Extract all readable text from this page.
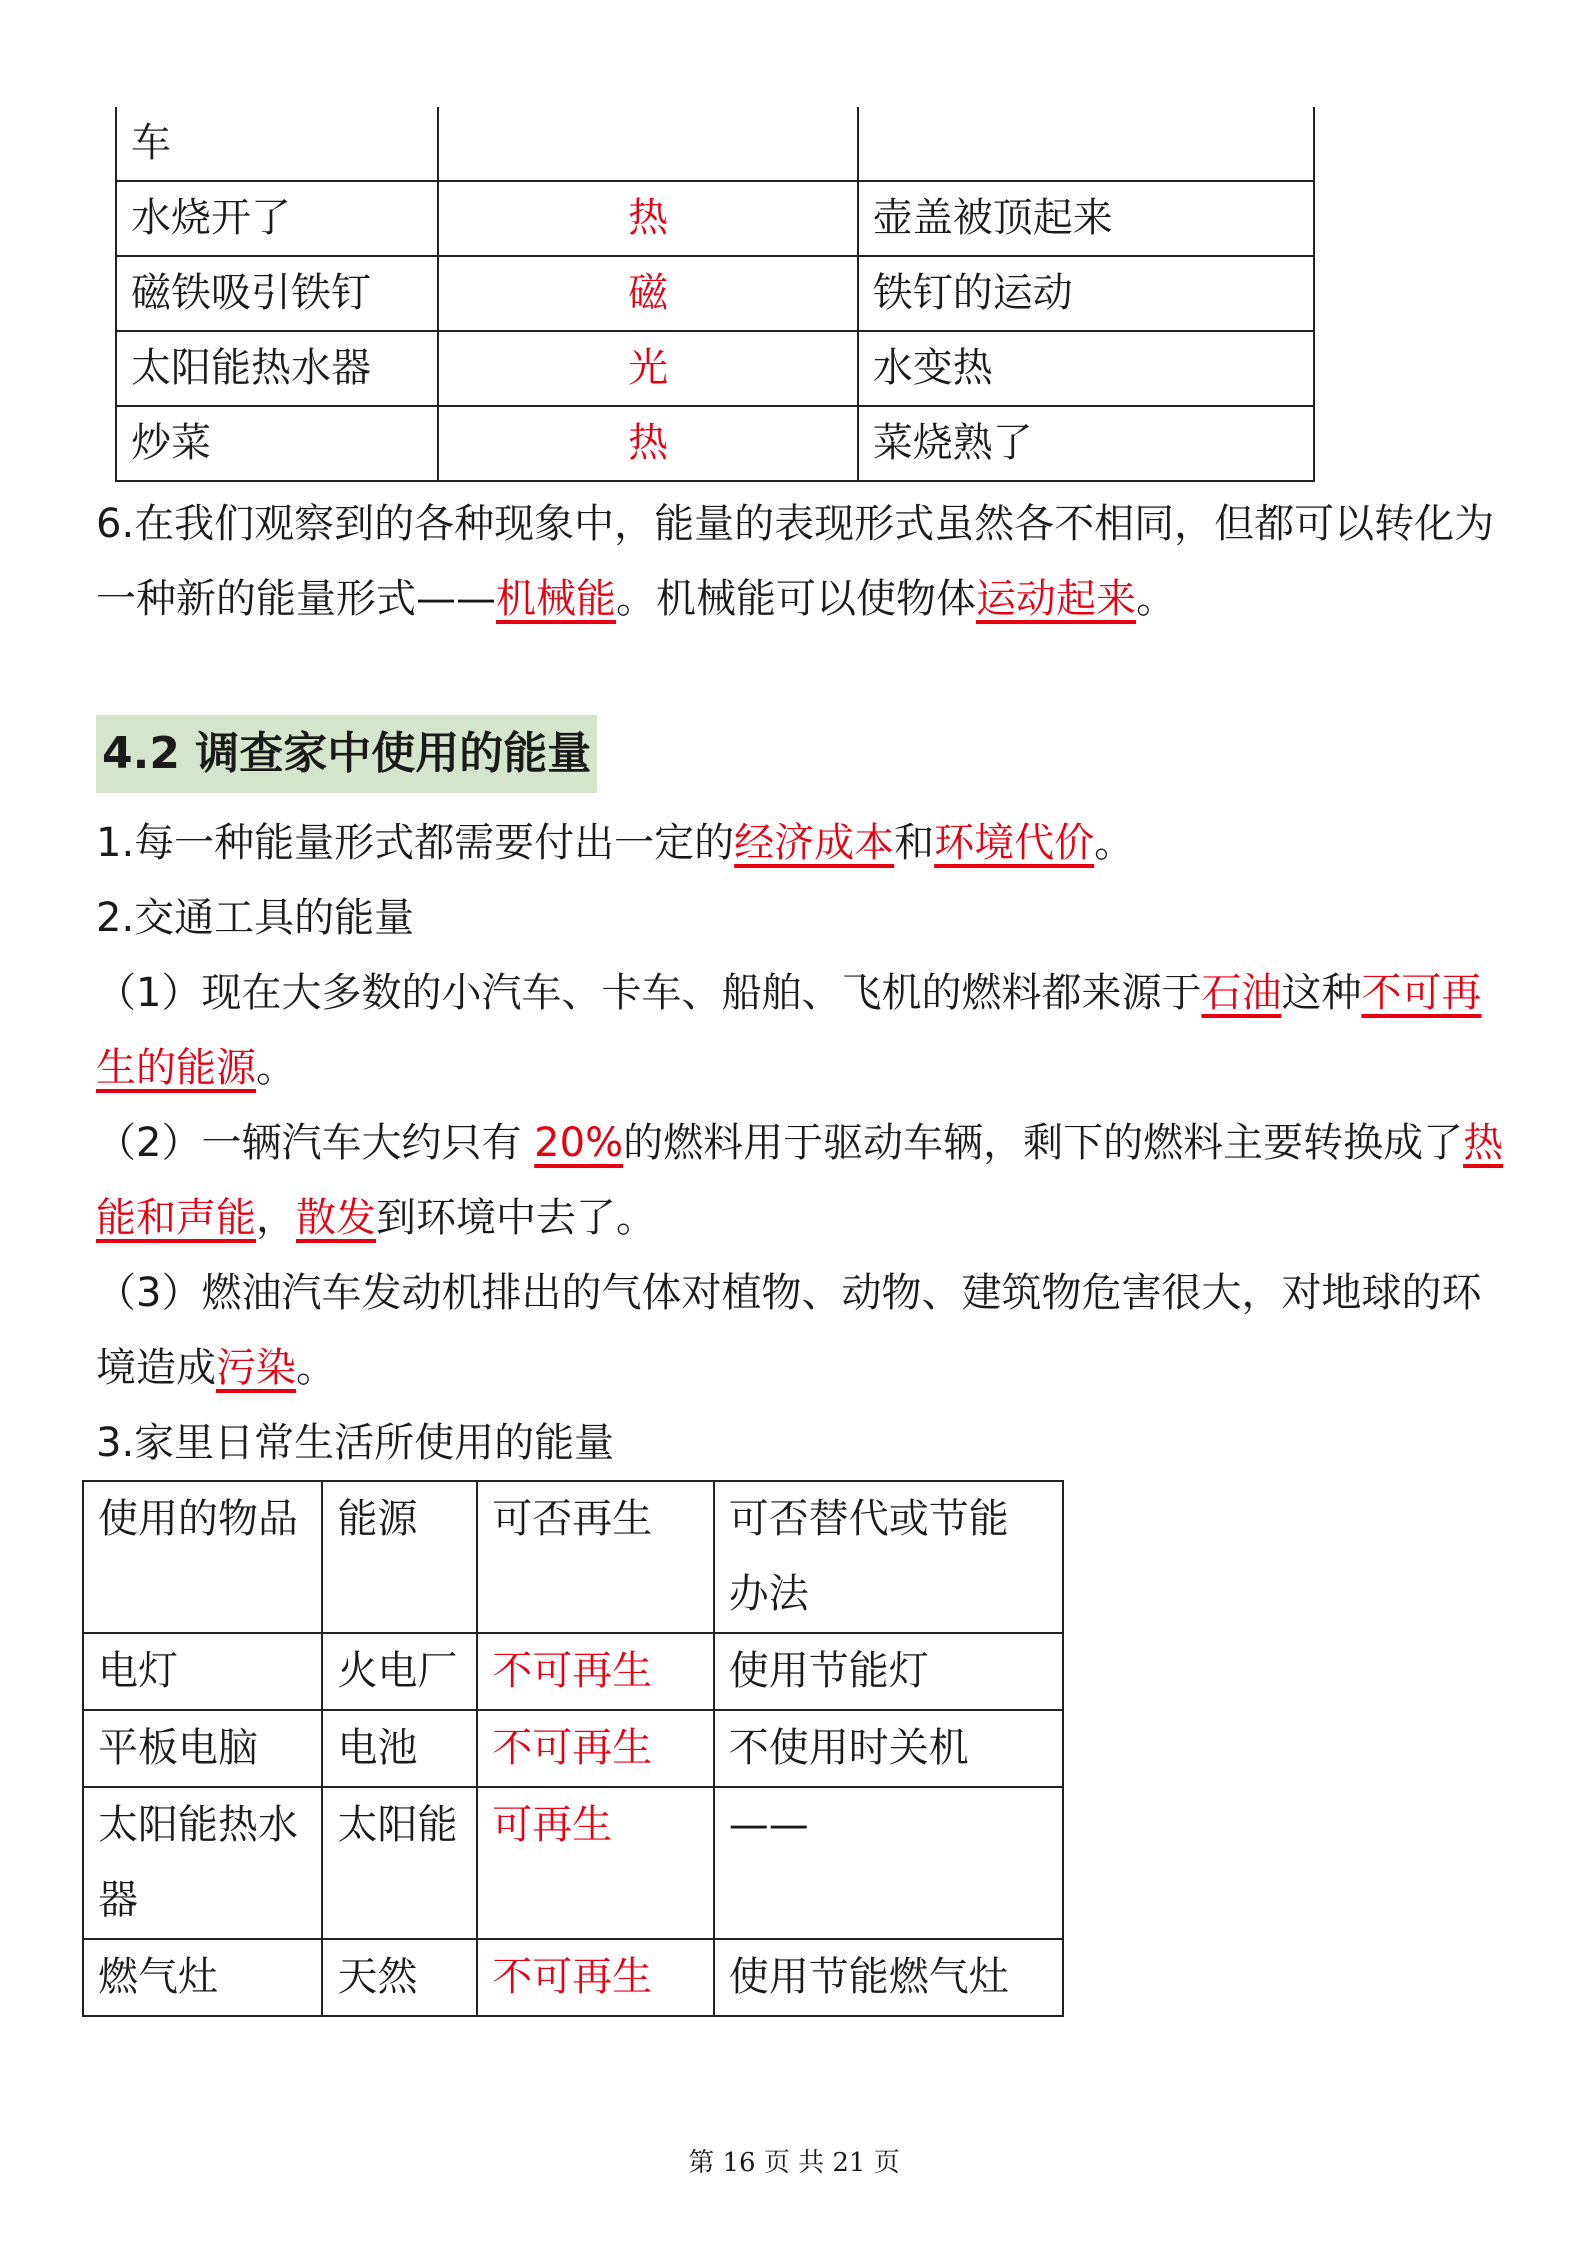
车		
水烧开了	热	壶盖被顶起来
磁铁吸引铁钉	磁	铁钉的运动
太阳能热水器	光	水变热
炒菜	热	菜烧熟了
6.在我们观察到的各种现象中，能量的表现形式虽然各不相同，但都可以转化为一种新的能量形式——机械能。机械能可以使物体运动起来。
4.2 调查家中使用的能量
1.每一种能量形式都需要付出一定的经济成本和环境代价。
2.交通工具的能量
（1）现在大多数的小汽车、卡车、船舶、飞机的燃料都来源于石油这种不可再生的能源。
（2）一辆汽车大约只有 20%的燃料用于驱动车辆，剩下的燃料主要转换成了热能和声能，散发到环境中去了。
（3）燃油汽车发动机排出的气体对植物、动物、建筑物危害很大，对地球的环境造成污染。
3.家里日常生活所使用的能量
使用的物品	能源	可否再生	可否替代或节能办法
电灯	火电厂	不可再生	使用节能灯
平板电脑	电池	不可再生	不使用时关机
太阳能热水器	太阳能	可再生	——
燃气灶	天然	不可再生	使用节能燃气灶
第 16 页 共 21 页
